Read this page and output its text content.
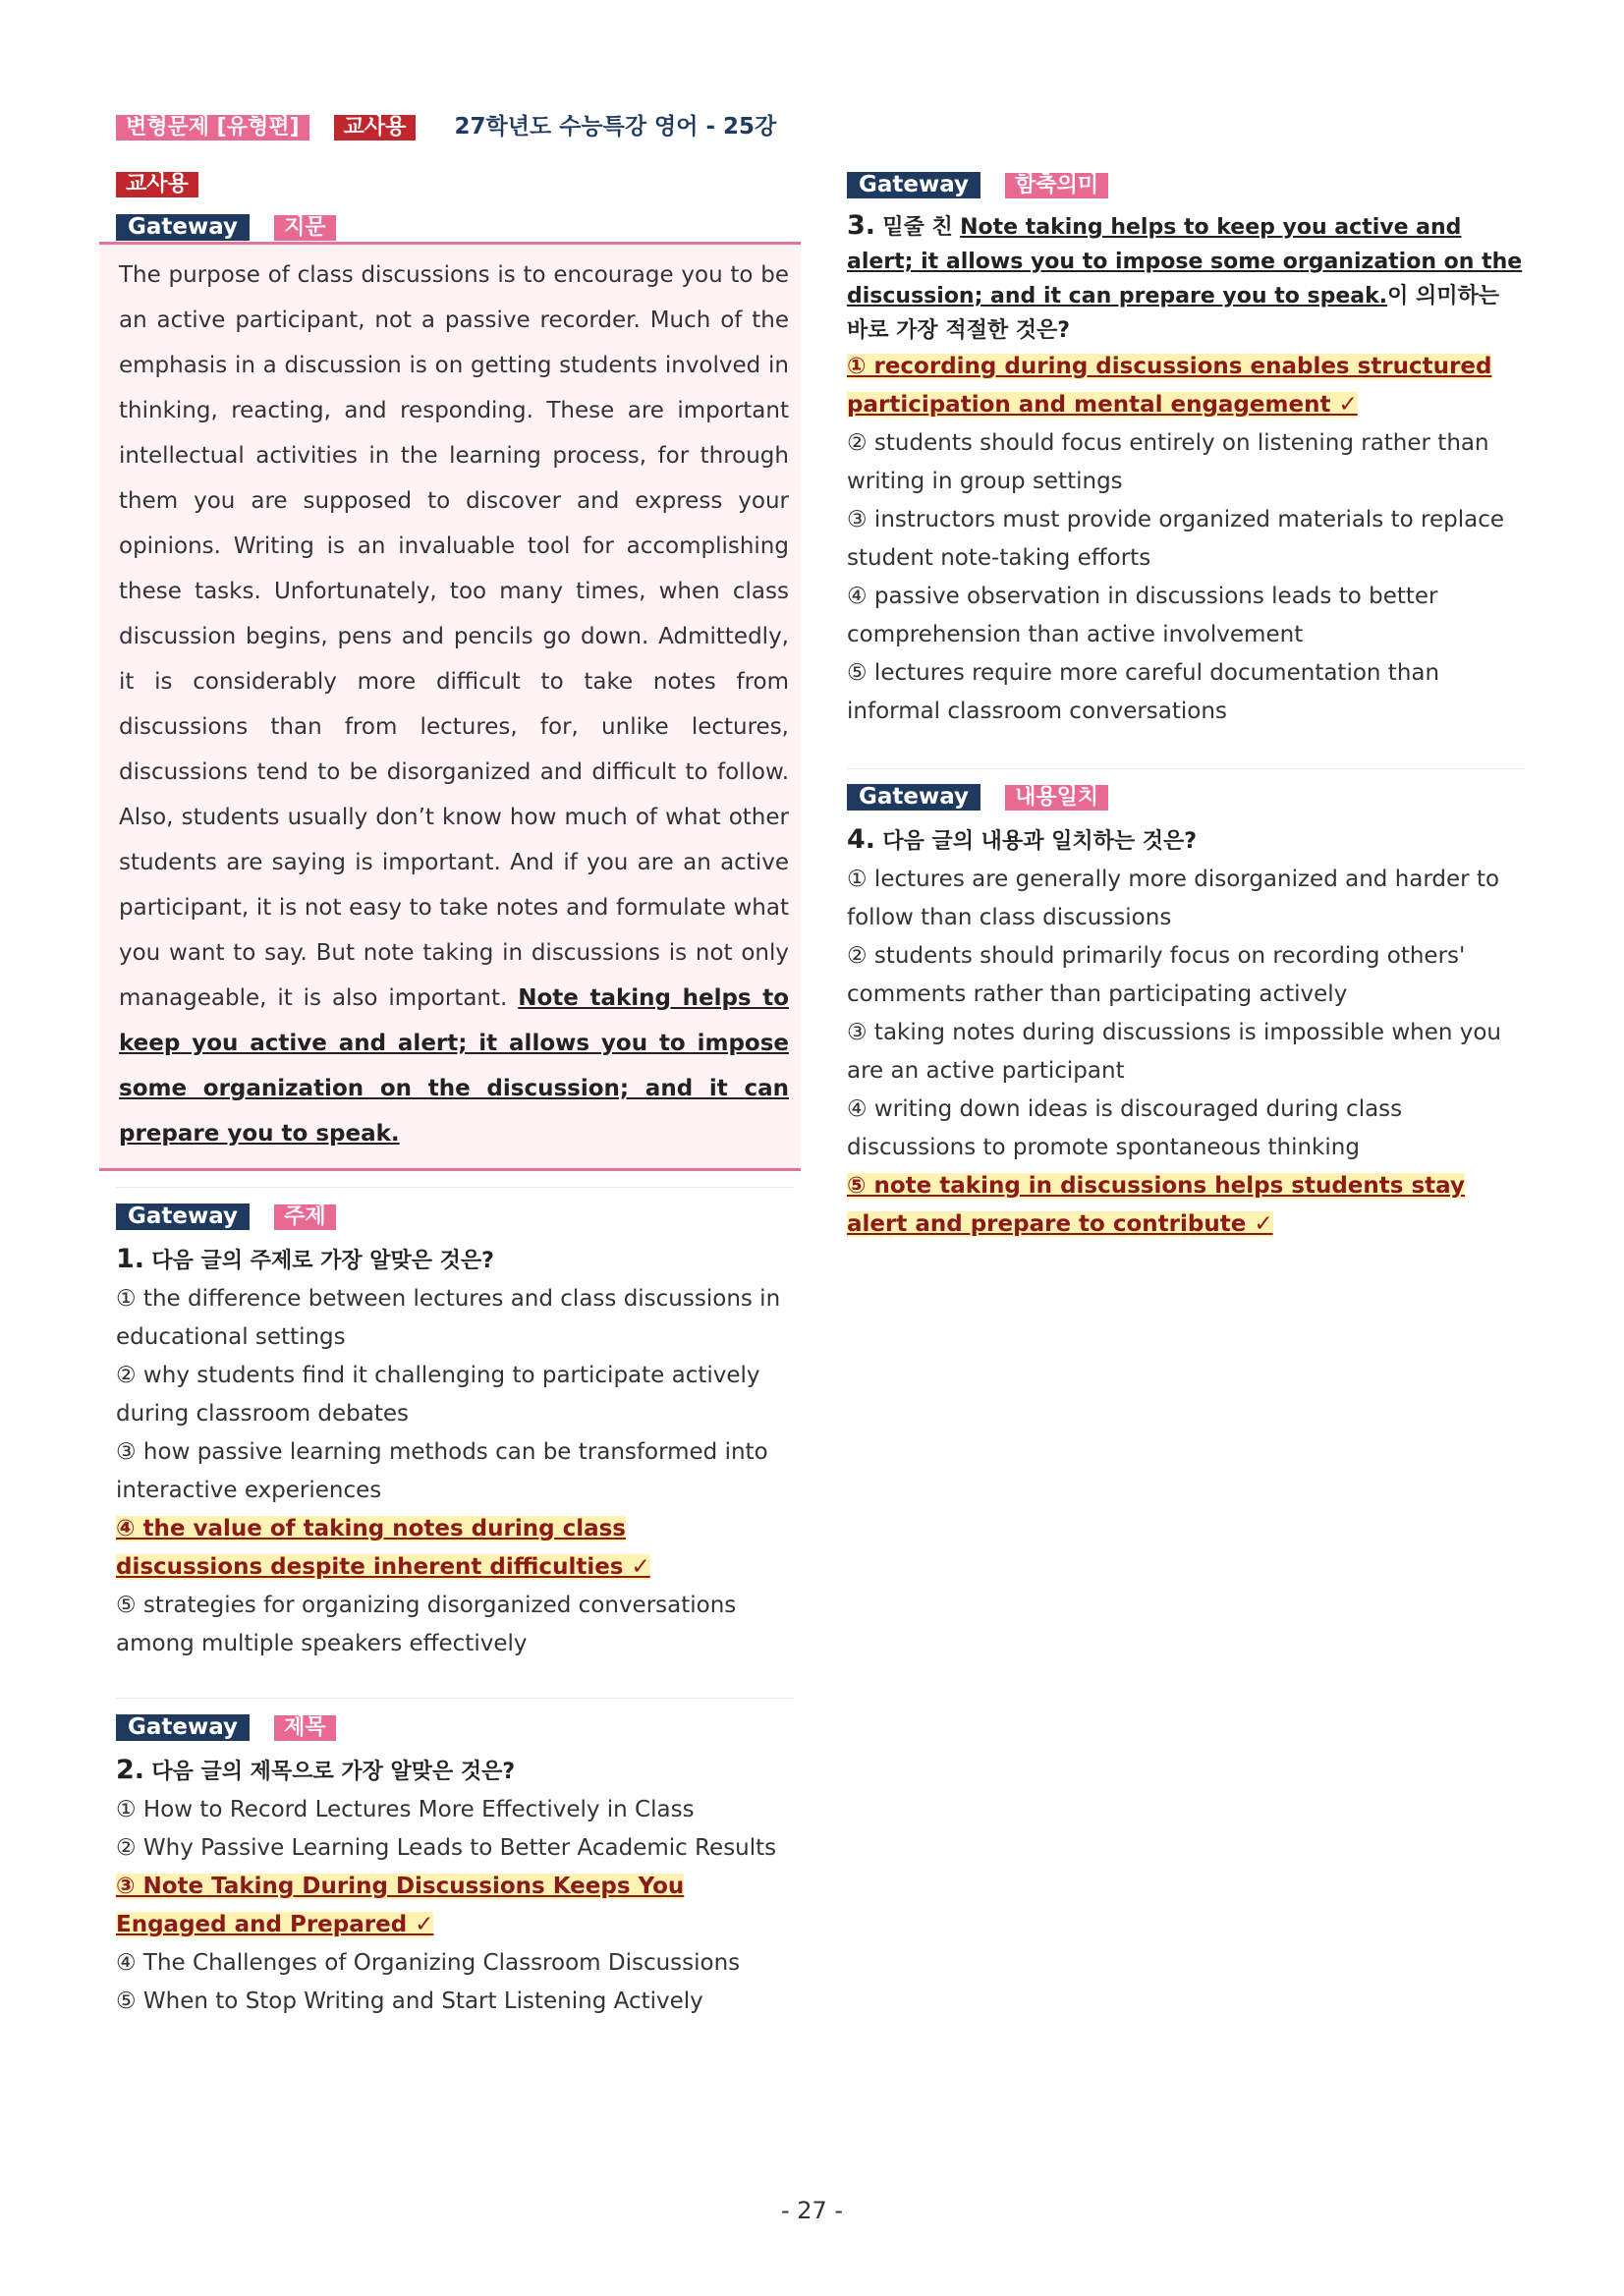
변형문제 [유형편] 교사용 27학년도 수능특강 영어 - 25강
교사용
Gateway 지문
The purpose of class discussions is to encourage you to be an active participant, not a passive recorder. Much of the emphasis in a discussion is on getting students involved in thinking, reacting, and responding. These are important intellectual activities in the learning process, for through them you are supposed to discover and express your opinions. Writing is an invaluable tool for accomplishing these tasks. Unfortunately, too many times, when class discussion begins, pens and pencils go down. Admittedly, it is considerably more difficult to take notes from discussions than from lectures, for, unlike lectures, discussions tend to be disorganized and difficult to follow. Also, students usually don’t know how much of what other students are saying is important. And if you are an active participant, it is not easy to take notes and formulate what you want to say. But note taking in discussions is not only manageable, it is also important. Note taking helps to keep you active and alert; it allows you to impose some organization on the discussion; and it can prepare you to speak.
Gateway 주제
1. 다음 글의 주제로 가장 알맞은 것은?
① the difference between lectures and class discussions in educational settings
② why students find it challenging to participate actively during classroom debates
③ how passive learning methods can be transformed into interactive experiences
④ the value of taking notes during class discussions despite inherent difficulties ✓
⑤ strategies for organizing disorganized conversations among multiple speakers effectively
Gateway 제목
2. 다음 글의 제목으로 가장 알맞은 것은?
① How to Record Lectures More Effectively in Class
② Why Passive Learning Leads to Better Academic Results
③ Note Taking During Discussions Keeps You Engaged and Prepared ✓
④ The Challenges of Organizing Classroom Discussions
⑤ When to Stop Writing and Start Listening Actively
Gateway 함축의미
3. 밑줄 친 Note taking helps to keep you active and alert; it allows you to impose some organization on the discussion; and it can prepare you to speak.이 의미하는 바로 가장 적절한 것은?
① recording during discussions enables structured participation and mental engagement ✓
② students should focus entirely on listening rather than writing in group settings
③ instructors must provide organized materials to replace student note-taking efforts
④ passive observation in discussions leads to better comprehension than active involvement
⑤ lectures require more careful documentation than informal classroom conversations
Gateway 내용일치
4. 다음 글의 내용과 일치하는 것은?
① lectures are generally more disorganized and harder to follow than class discussions
② students should primarily focus on recording others' comments rather than participating actively
③ taking notes during discussions is impossible when you are an active participant
④ writing down ideas is discouraged during class discussions to promote spontaneous thinking
⑤ note taking in discussions helps students stay alert and prepare to contribute ✓
- 27 -
